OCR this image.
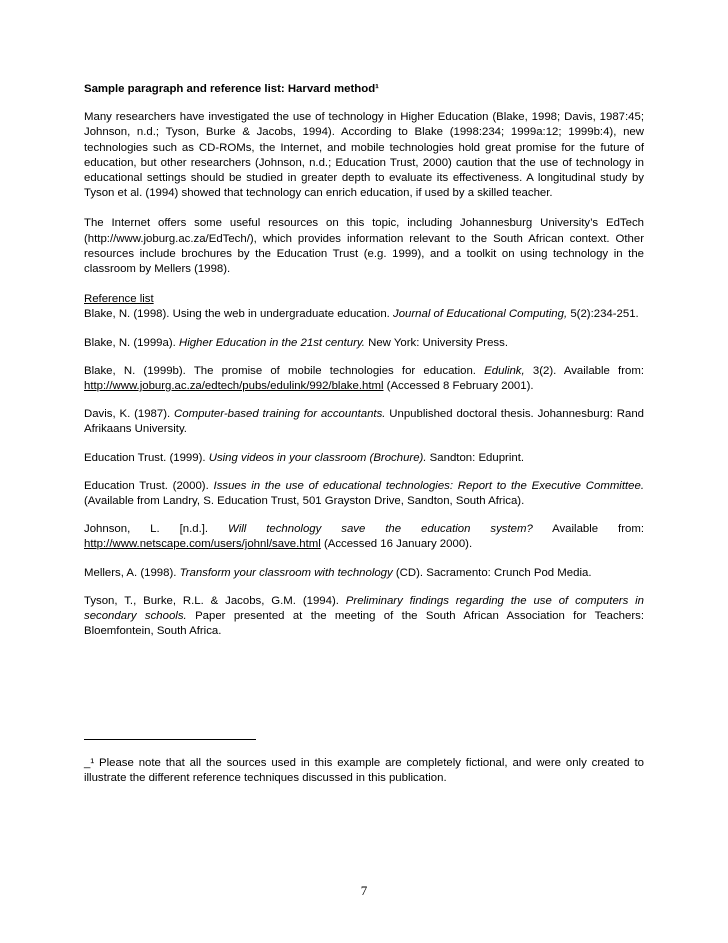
Sample paragraph and reference list: Harvard method¹

Many researchers have investigated the use of technology in Higher Education (Blake, 1998; Davis, 1987:45; Johnson, n.d.; Tyson, Burke & Jacobs, 1994). According to Blake (1998:234; 1999a:12; 1999b:4), new technologies such as CD-ROMs, the Internet, and mobile technologies hold great promise for the future of education, but other researchers (Johnson, n.d.; Education Trust, 2000) caution that the use of technology in educational settings should be studied in greater depth to evaluate its effectiveness. A longitudinal study by Tyson et al. (1994) showed that technology can enrich education, if used by a skilled teacher.

The Internet offers some useful resources on this topic, including Johannesburg University’s EdTech (http://www.joburg.ac.za/EdTech/), which provides information relevant to the South African context. Other resources include brochures by the Education Trust (e.g. 1999), and a toolkit on using technology in the classroom by Mellers (1998).

Reference list

Blake, N. (1998). Using the web in undergraduate education. Journal of Educational Computing, 5(2):234-251.

Blake, N. (1999a). Higher Education in the 21st century. New York: University Press.

Blake, N. (1999b). The promise of mobile technologies for education. Edulink, 3(2). Available from: http://www.joburg.ac.za/edtech/pubs/edulink/992/blake.html (Accessed 8 February 2001).

Davis, K. (1987). Computer-based training for accountants. Unpublished doctoral thesis. Johannesburg: Rand Afrikaans University.

Education Trust. (1999). Using videos in your classroom (Brochure). Sandton: Eduprint.

Education Trust. (2000). Issues in the use of educational technologies: Report to the Executive Committee. (Available from Landry, S. Education Trust, 501 Grayston Drive, Sandton, South Africa).

Johnson, L. [n.d.]. Will technology save the education system? Available from:
http://www.netscape.com/users/johnl/save.html (Accessed 16 January 2000).

Mellers, A. (1998). Transform your classroom with technology (CD). Sacramento: Crunch Pod Media.

Tyson, T., Burke, R.L. & Jacobs, G.M. (1994). Preliminary findings regarding the use of computers in secondary schools. Paper presented at the meeting of the South African Association for Teachers: Bloemfontein, South Africa.

_¹ Please note that all the sources used in this example are completely fictional, and were only created to illustrate the different reference techniques discussed in this publication.

7
